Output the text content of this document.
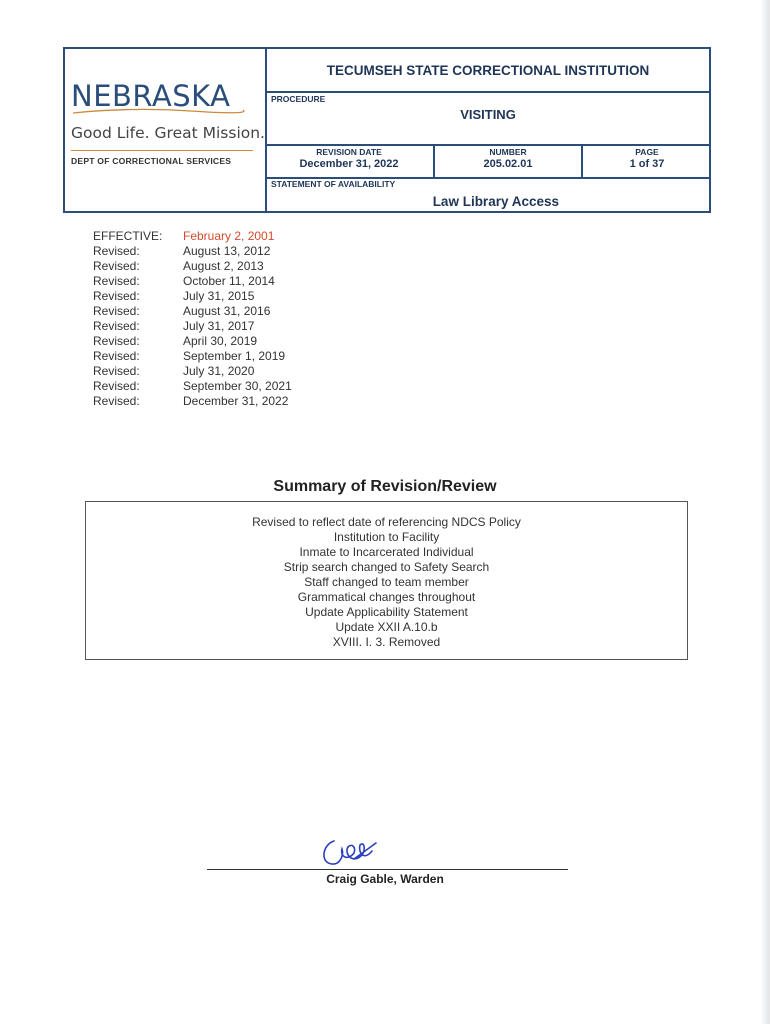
NEBRASKA
Good Life. Great Mission.
DEPT OF CORRECTIONAL SERVICES
TECUMSEH STATE CORRECTIONAL INSTITUTION
PROCEDURE
VISITING
REVISION DATE
December 31, 2022
NUMBER
205.02.01
PAGE
1 of 37
STATEMENT OF AVAILABILITY
Law Library Access
EFFECTIVE:	February 2, 2001
Revised:	August 13, 2012
Revised:	August 2, 2013
Revised:	October 11, 2014
Revised:	July 31, 2015
Revised:	August 31, 2016
Revised:	July 31, 2017
Revised:	April 30, 2019
Revised:	September 1, 2019
Revised:	July 31, 2020
Revised:	September 30, 2021
Revised:	December 31, 2022
Summary of Revision/Review
Revised to reflect date of referencing NDCS Policy
Institution to Facility
Inmate to Incarcerated Individual
Strip search changed to Safety Search
Staff changed to team member
Grammatical changes throughout
Update Applicability Statement
Update XXII A.10.b
XVIII. I. 3. Removed
Craig Gable, Warden
